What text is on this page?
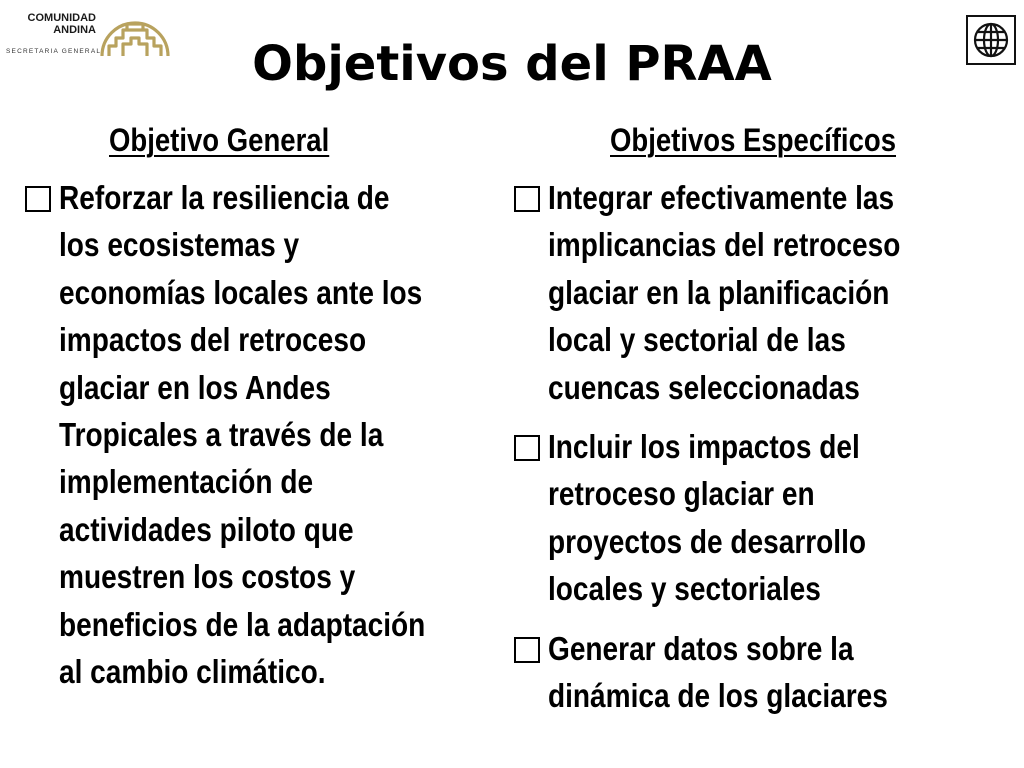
COMUNIDAD
ANDINA
SECRETARIA GENERAL	Objetivos del PRAA
Objetivo General
Reforzar la resiliencia de
los ecosistemas y
economías locales ante los
impactos del retroceso
glaciar en los Andes
Tropicales a través de la
implementación de
actividades piloto que
muestren los costos y
beneficios de la adaptación
al cambio climático.
Objetivos Específicos
Integrar efectivamente las
implicancias del retroceso
glaciar en la planificación
local y sectorial de las
cuencas seleccionadas
Incluir los impactos del
retroceso glaciar en
proyectos de desarrollo
locales y sectoriales
Generar datos sobre la
dinámica de los glaciares
